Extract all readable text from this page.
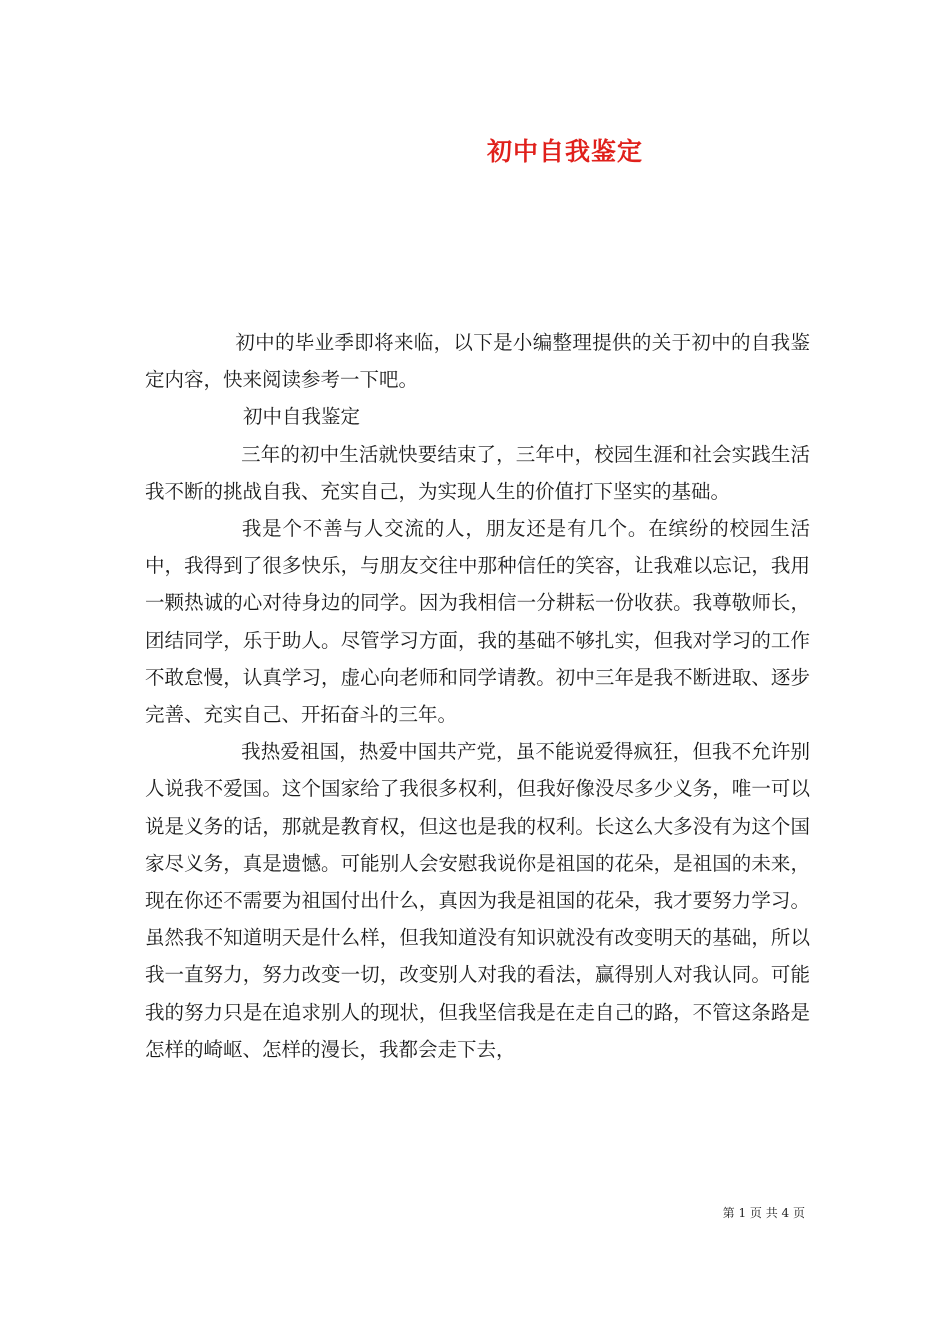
初中自我鉴定

初中的毕业季即将来临，以下是小编整理提供的关于初中的自我鉴定内容，快来阅读参考一下吧。

初中自我鉴定

三年的初中生活就快要结束了，三年中，校园生涯和社会实践生活我不断的挑战自我、充实自己，为实现人生的价值打下坚实的基础。

我是个不善与人交流的人，朋友还是有几个。在缤纷的校园生活中，我得到了很多快乐，与朋友交往中那种信任的笑容，让我难以忘记，我用一颗热诚的心对待身边的同学。因为我相信一分耕耘一份收获。我尊敬师长，团结同学，乐于助人。尽管学习方面，我的基础不够扎实，但我对学习的工作不敢怠慢，认真学习，虚心向老师和同学请教。初中三年是我不断进取、逐步完善、充实自己、开拓奋斗的三年。

我热爱祖国，热爱中国共产党，虽不能说爱得疯狂，但我不允许别人说我不爱国。这个国家给了我很多权利，但我好像没尽多少义务，唯一可以说是义务的话，那就是教育权，但这也是我的权利。长这么大多没有为这个国家尽义务，真是遗憾。可能别人会安慰我说你是祖国的花朵，是祖国的未来，现在你还不需要为祖国付出什么，真因为我是祖国的花朵，我才要努力学习。虽然我不知道明天是什么样，但我知道没有知识就没有改变明天的基础，所以我一直努力，努力改变一切，改变别人对我的看法，赢得别人对我认同。可能我的努力只是在追求别人的现状，但我坚信我是在走自己的路，不管这条路是怎样的崎岖、怎样的漫长，我都会走下去，

第 1 页 共 4 页
